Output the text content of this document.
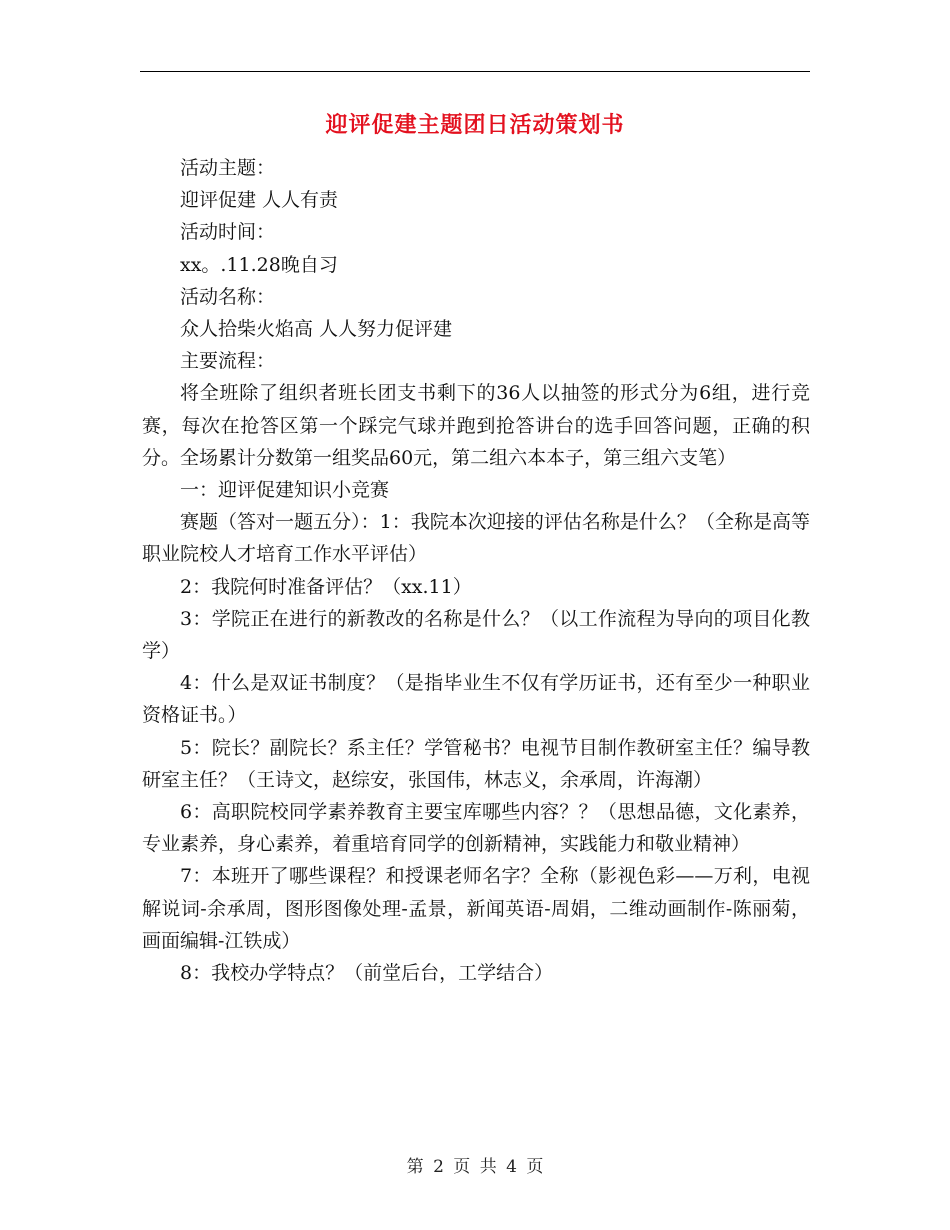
迎评促建主题团日活动策划书

活动主题：

迎评促建 人人有责

活动时间：

xx。.11.28晚自习

活动名称：

众人拾柴火焰高 人人努力促评建

主要流程：

将全班除了组织者班长团支书剩下的36人以抽签的形式分为6组，进行竞赛，每次在抢答区第一个踩完气球并跑到抢答讲台的选手回答问题，正确的积分。全场累计分数第一组奖品60元，第二组六本本子，第三组六支笔）

一：迎评促建知识小竞赛

赛题（答对一题五分）：1：我院本次迎接的评估名称是什么？（全称是高等职业院校人才培育工作水平评估）

2：我院何时准备评估？（xx.11）

3：学院正在进行的新教改的名称是什么？（以工作流程为导向的项目化教学）

4：什么是双证书制度？（是指毕业生不仅有学历证书，还有至少一种职业资格证书。）

5：院长？副院长？系主任？学管秘书？电视节目制作教研室主任？编导教研室主任？（王诗文，赵综安，张国伟，林志义，余承周，许海潮）

6：高职院校同学素养教育主要宝库哪些内容？？（思想品德，文化素养，专业素养，身心素养，着重培育同学的创新精神，实践能力和敬业精神）

7：本班开了哪些课程？和授课老师名字？全称（影视色彩——万利，电视解说词-余承周，图形图像处理-孟景，新闻英语-周娟，二维动画制作-陈丽菊，画面编辑-江铁成）

8：我校办学特点？（前堂后台，工学结合）

第 2 页 共 4 页
